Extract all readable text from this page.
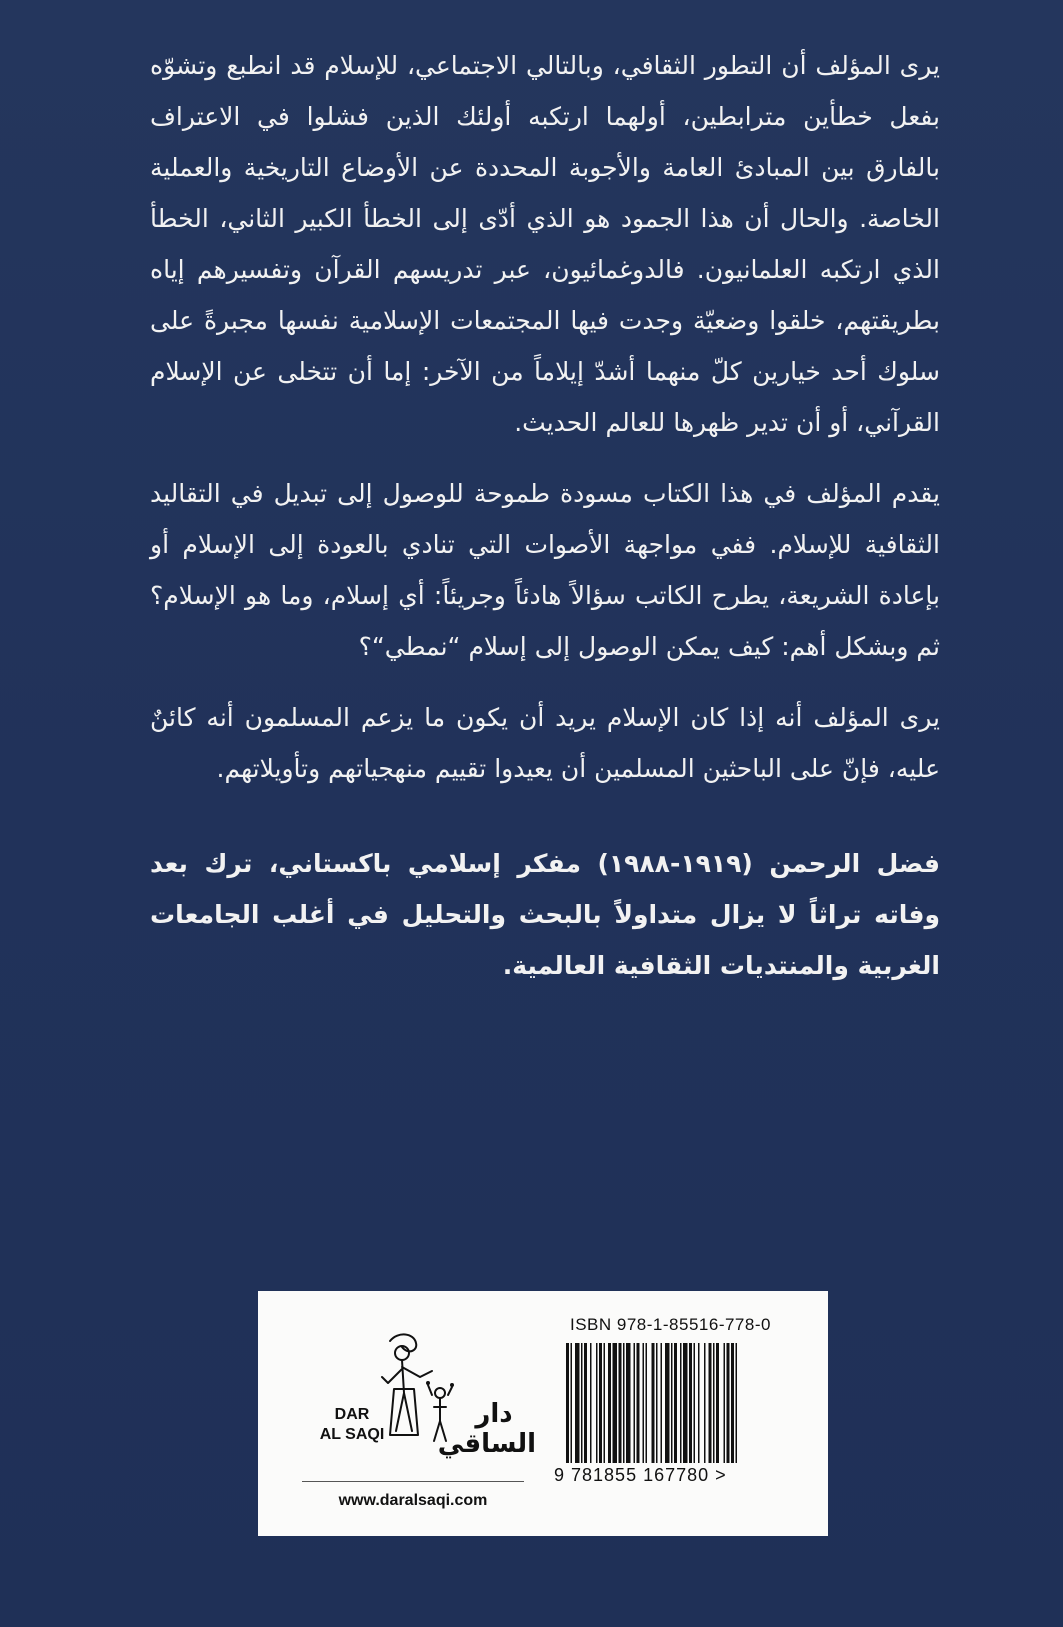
يرى المؤلف أن التطور الثقافي، وبالتالي الاجتماعي، للإسلام قد انطبع وتشوّه بفعل خطأين مترابطين، أولهما ارتكبه أولئك الذين فشلوا في الاعتراف بالفارق بين المبادئ العامة والأجوبة المحددة عن الأوضاع التاريخية والعملية الخاصة. والحال أن هذا الجمود هو الذي أدّى إلى الخطأ الكبير الثاني، الخطأ الذي ارتكبه العلمانيون. فالدوغمائيون، عبر تدريسهم القرآن وتفسيرهم إياه بطريقتهم، خلقوا وضعيّة وجدت فيها المجتمعات الإسلامية نفسها مجبرةً على سلوك أحد خيارين كلّ منهما أشدّ إيلاماً من الآخر: إما أن تتخلى عن الإسلام القرآني، أو أن تدير ظهرها للعالم الحديث.

يقدم المؤلف في هذا الكتاب مسودة طموحة للوصول إلى تبديل في التقاليد الثقافية للإسلام. ففي مواجهة الأصوات التي تنادي بالعودة إلى الإسلام أو بإعادة الشريعة، يطرح الكاتب سؤالاً هادئاً وجريئاً: أي إسلام، وما هو الإسلام؟ ثم وبشكل أهم: كيف يمكن الوصول إلى إسلام “نمطي“؟

يرى المؤلف أنه إذا كان الإسلام يريد أن يكون ما يزعم المسلمون أنه كائنٌ عليه، فإنّ على الباحثين المسلمين أن يعيدوا تقييم منهجياتهم وتأويلاتهم.

فضل الرحمن (١٩١٩-١٩٨٨) مفكر إسلامي باكستاني، ترك بعد وفاته تراثاً لا يزال متداولاً بالبحث والتحليل في أغلب الجامعات الغربية والمنتديات الثقافية العالمية.

ISBN 978-1-85516-778-0
9 781855 167780 >
DAR
AL SAQI
دار الساقي
www.daralsaqi.com
